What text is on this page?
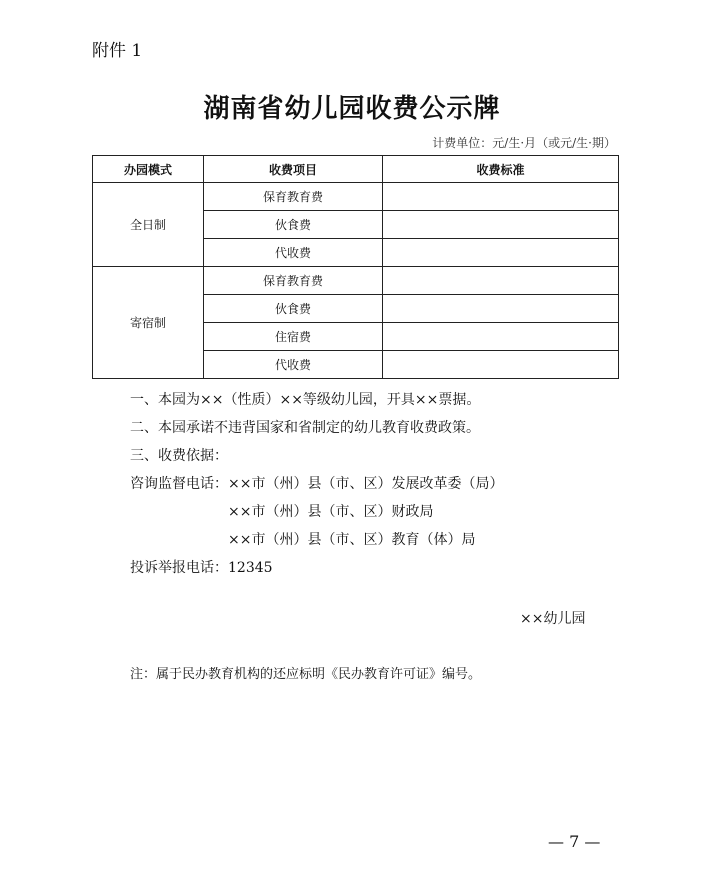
附件 1
湖南省幼儿园收费公示牌
计费单位：元/生·月（或元/生·期）
办园模式	收费项目	收费标准
全日制	保育教育费	
	伙食费	
	代收费	
寄宿制	保育教育费	
	伙食费	
	住宿费	
	代收费	
一、本园为××（性质）××等级幼儿园，开具××票据。
二、本园承诺不违背国家和省制定的幼儿教育收费政策。
三、收费依据：
咨询监督电话：××市（州）县（市、区）发展改革委（局）
××市（州）县（市、区）财政局
××市（州）县（市、区）教育（体）局
投诉举报电话：12345
××幼儿园
注：属于民办教育机构的还应标明《民办教育许可证》编号。
— 7 —
